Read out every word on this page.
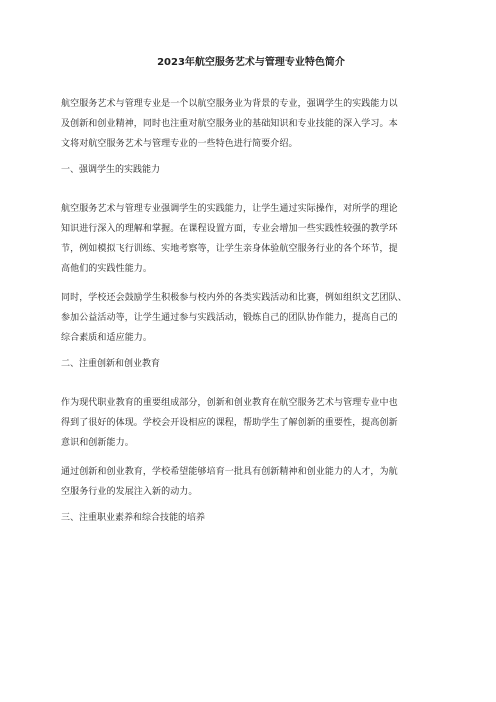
2023年航空服务艺术与管理专业特色简介
航空服务艺术与管理专业是一个以航空服务业为背景的专业，强调学生的实践能力以
及创新和创业精神，同时也注重对航空服务业的基础知识和专业技能的深入学习。本
文将对航空服务艺术与管理专业的一些特色进行简要介绍。
一、强调学生的实践能力
航空服务艺术与管理专业强调学生的实践能力，让学生通过实际操作，对所学的理论
知识进行深入的理解和掌握。在课程设置方面，专业会增加一些实践性较强的教学环
节，例如模拟飞行训练、实地考察等，让学生亲身体验航空服务行业的各个环节，提
高他们的实践性能力。
同时，学校还会鼓励学生积极参与校内外的各类实践活动和比赛，例如组织文艺团队、
参加公益活动等，让学生通过参与实践活动，锻炼自己的团队协作能力，提高自己的
综合素质和适应能力。
二、注重创新和创业教育
作为现代职业教育的重要组成部分，创新和创业教育在航空服务艺术与管理专业中也
得到了很好的体现。学校会开设相应的课程，帮助学生了解创新的重要性，提高创新
意识和创新能力。
通过创新和创业教育，学校希望能够培育一批具有创新精神和创业能力的人才，为航
空服务行业的发展注入新的动力。
三、注重职业素养和综合技能的培养
